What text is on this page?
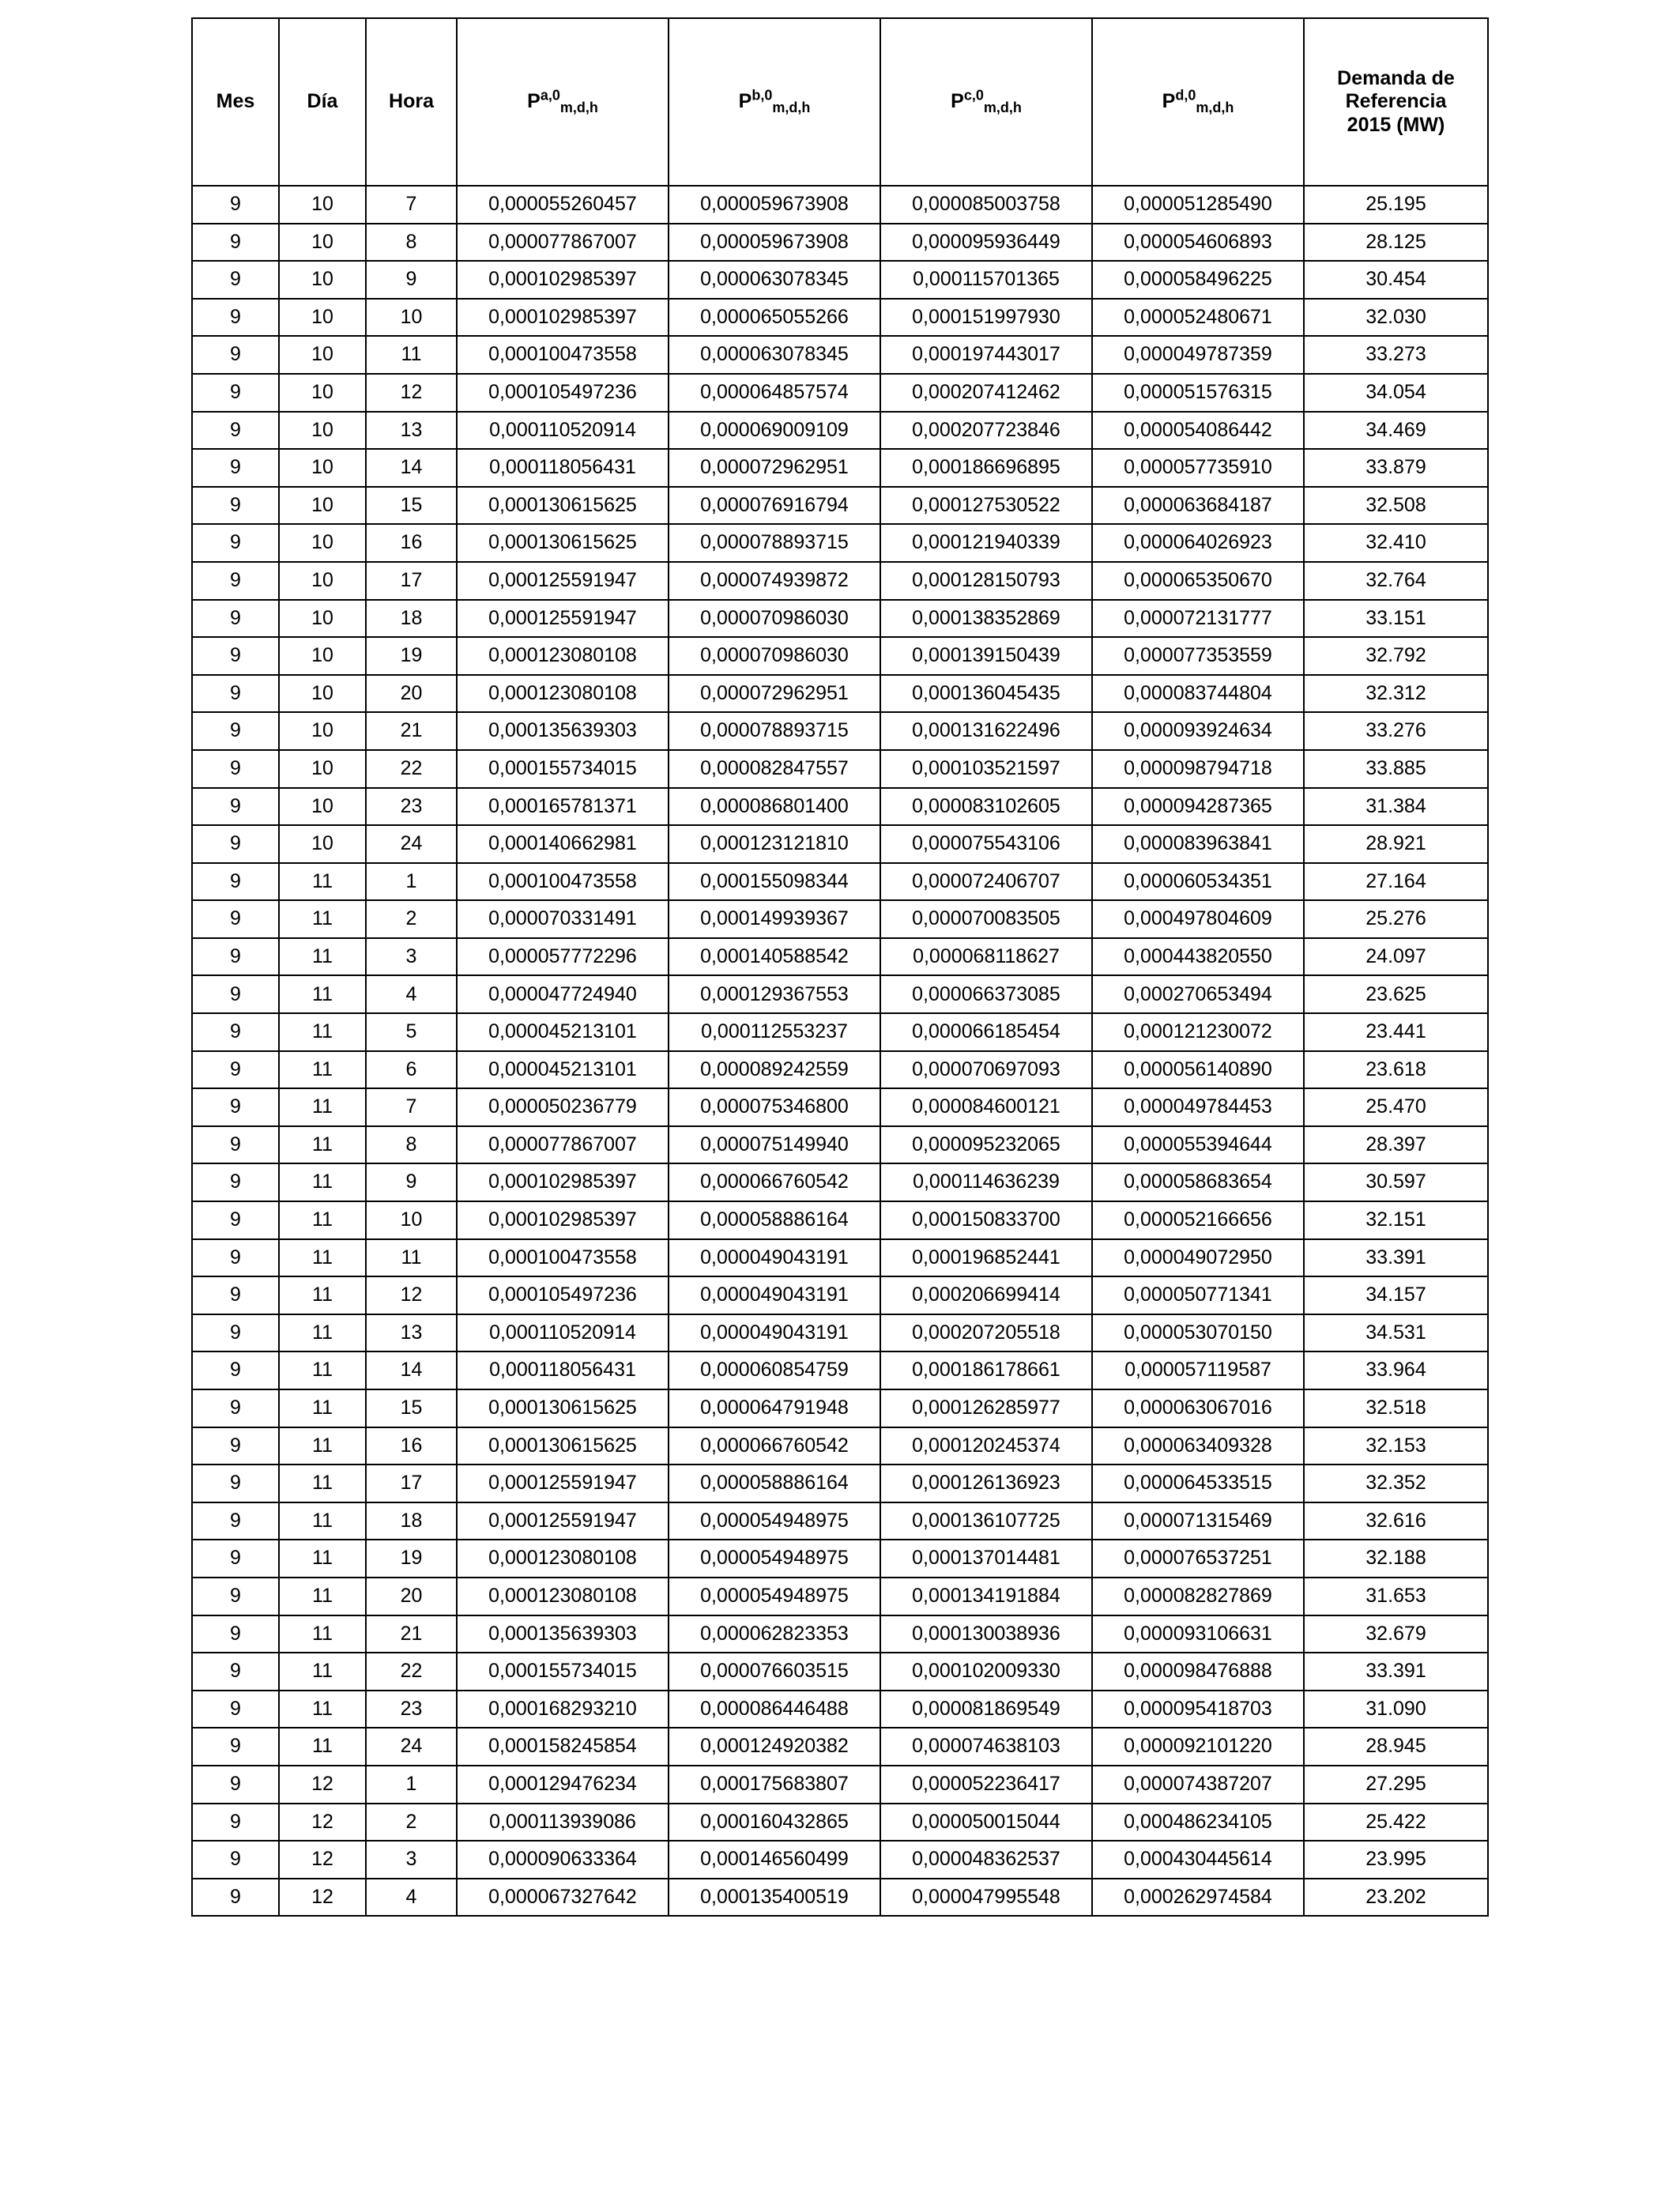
Mes	Día	Hora	P$^{a,0}_{m,d,h}$	P$^{b,0}_{m,d,h}$	P$^{c,0}_{m,d,h}$	P$^{d,0}_{m,d,h}$	Demanda de
Referencia
2015 (MW)

9	10	7	0,000055260457	0,000059673908	0,000085003758	0,000051285490	25.195
9	10	8	0,000077867007	0,000059673908	0,000095936449	0,000054606893	28.125
9	10	9	0,000102985397	0,000063078345	0,000115701365	0,000058496225	30.454
9	10	10	0,000102985397	0,000065055266	0,000151997930	0,000052480671	32.030
9	10	11	0,000100473558	0,000063078345	0,000197443017	0,000049787359	33.273
9	10	12	0,000105497236	0,000064857574	0,000207412462	0,000051576315	34.054
9	10	13	0,000110520914	0,000069009109	0,000207723846	0,000054086442	34.469
9	10	14	0,000118056431	0,000072962951	0,000186696895	0,000057735910	33.879
9	10	15	0,000130615625	0,000076916794	0,000127530522	0,000063684187	32.508
9	10	16	0,000130615625	0,000078893715	0,000121940339	0,000064026923	32.410
9	10	17	0,000125591947	0,000074939872	0,000128150793	0,000065350670	32.764
9	10	18	0,000125591947	0,000070986030	0,000138352869	0,000072131777	33.151
9	10	19	0,000123080108	0,000070986030	0,000139150439	0,000077353559	32.792
9	10	20	0,000123080108	0,000072962951	0,000136045435	0,000083744804	32.312
9	10	21	0,000135639303	0,000078893715	0,000131622496	0,000093924634	33.276
9	10	22	0,000155734015	0,000082847557	0,000103521597	0,000098794718	33.885
9	10	23	0,000165781371	0,000086801400	0,000083102605	0,000094287365	31.384
9	10	24	0,000140662981	0,000123121810	0,000075543106	0,000083963841	28.921
9	11	1	0,000100473558	0,000155098344	0,000072406707	0,000060534351	27.164
9	11	2	0,000070331491	0,000149939367	0,000070083505	0,000497804609	25.276
9	11	3	0,000057772296	0,000140588542	0,000068118627	0,000443820550	24.097
9	11	4	0,000047724940	0,000129367553	0,000066373085	0,000270653494	23.625
9	11	5	0,000045213101	0,000112553237	0,000066185454	0,000121230072	23.441
9	11	6	0,000045213101	0,000089242559	0,000070697093	0,000056140890	23.618
9	11	7	0,000050236779	0,000075346800	0,000084600121	0,000049784453	25.470
9	11	8	0,000077867007	0,000075149940	0,000095232065	0,000055394644	28.397
9	11	9	0,000102985397	0,000066760542	0,000114636239	0,000058683654	30.597
9	11	10	0,000102985397	0,000058886164	0,000150833700	0,000052166656	32.151
9	11	11	0,000100473558	0,000049043191	0,000196852441	0,000049072950	33.391
9	11	12	0,000105497236	0,000049043191	0,000206699414	0,000050771341	34.157
9	11	13	0,000110520914	0,000049043191	0,000207205518	0,000053070150	34.531
9	11	14	0,000118056431	0,000060854759	0,000186178661	0,000057119587	33.964
9	11	15	0,000130615625	0,000064791948	0,000126285977	0,000063067016	32.518
9	11	16	0,000130615625	0,000066760542	0,000120245374	0,000063409328	32.153
9	11	17	0,000125591947	0,000058886164	0,000126136923	0,000064533515	32.352
9	11	18	0,000125591947	0,000054948975	0,000136107725	0,000071315469	32.616
9	11	19	0,000123080108	0,000054948975	0,000137014481	0,000076537251	32.188
9	11	20	0,000123080108	0,000054948975	0,000134191884	0,000082827869	31.653
9	11	21	0,000135639303	0,000062823353	0,000130038936	0,000093106631	32.679
9	11	22	0,000155734015	0,000076603515	0,000102009330	0,000098476888	33.391
9	11	23	0,000168293210	0,000086446488	0,000081869549	0,000095418703	31.090
9	11	24	0,000158245854	0,000124920382	0,000074638103	0,000092101220	28.945
9	12	1	0,000129476234	0,000175683807	0,000052236417	0,000074387207	27.295
9	12	2	0,000113939086	0,000160432865	0,000050015044	0,000486234105	25.422
9	12	3	0,000090633364	0,000146560499	0,000048362537	0,000430445614	23.995
9	12	4	0,000067327642	0,000135400519	0,000047995548	0,000262974584	23.202
